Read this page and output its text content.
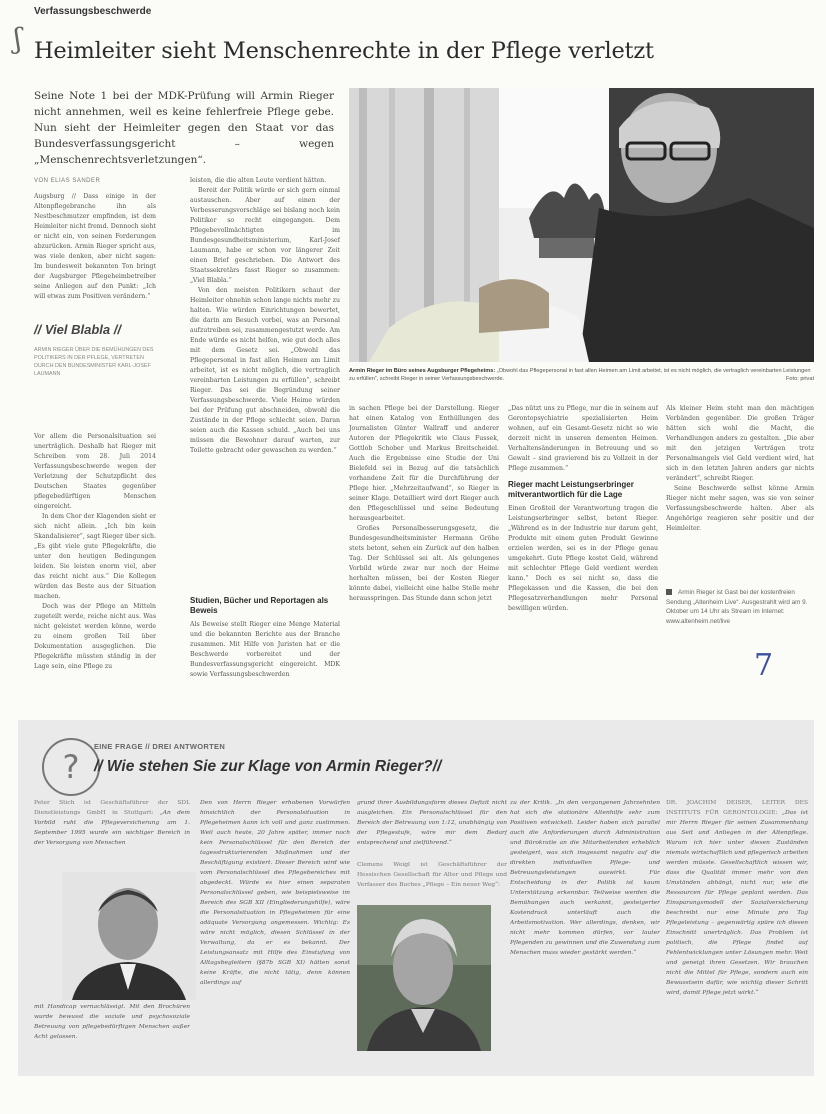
Verfassungsbeschwerde
ʃ Heimleiter sieht Menschenrechte in der Pflege verletzt
Seine Note 1 bei der MDK-Prüfung will Armin Rieger nicht annehmen, weil es keine fehlerfreie Pflege gebe. Nun sieht der Heimleiter gegen den Staat vor das Bundesverfassungsgericht – wegen „Menschenrechtsverletzungen“.
VON ELIAS SANDER

Augsburg // Dass einige in der Altenpflegebranche ihn als Nestbeschmutzer empfinden, ist dem Heimleiter nicht fremd. Dennoch sieht er nicht ein, von seinen Forderungen abzurücken. Armin Rieger spricht aus, was viele denken, aber nicht sagen: Im bundesweit bekannten Ton bringt der Augsburger Pflegeheimbetreiber seine Anliegen auf den Punkt: „Ich will etwas zum Positiven verändern.“

// Viel Blabla //
ARMIN RIEGER ÜBER DIE BEMÜHUNGEN DES POLITIKERS IN DER PFLEGE, VERTRETEN DURCH DEN BUNDESMINISTER KARL-JOSEF LAUMANN

Vor allem die Personalsituation sei unerträglich. Deshalb hat Rieger mit Schreiben vom 28. Juli 2014 Verfassungsbeschwerde wegen der Verletzung der Schutzpflicht des Deutschen Staates gegenüber pflegebedürftigen Menschen eingereicht.

In dem Chor der Klagenden sieht er sich nicht allein. „Ich bin kein Skandalisierer“, sagt Rieger über sich. „Es gibt viele gute Pflegekräfte, die unter den heutigen Bedingungen leiden. Sie leisten enorm viel, aber das reicht nicht aus.“ Die Kollegen würden das Beste aus der Situation machen.

Doch was der Pflege an Mitteln zugeteilt werde, reiche nicht aus. Was nicht geleistet werden könne, werde zu einem großen Teil über Dokumentation ausgeglichen. Die Pflegekräfte müssten ständig in der Lage sein, eine Pflege zu

leisten, die die alten Leute verdient hätten.

Bereit der Politik würde er sich gern einmal austauschen. Aber auf einen der Verbesserungsvorschläge sei bislang noch kein Politiker so recht eingegangen. Dem Pflegebevollmächtigten im Bundesgesundheitsministerium, Karl-Josef Laumann, habe er schon vor längerer Zeit einen Brief geschrieben. Die Antwort des Staatssekretärs fasst Rieger so zusammen: „Viel Blabla.“

Von den meisten Politikern schaut der Heimleiter ohnehin schon lange nichts mehr zu halten. Wie würden Einrichtungen bewertet, die darin am Besuch vorbei, was an Personal aufzutreiben sei, zusammengestutzt werde. Am Ende würde es nicht helfen, wie gut doch alles mit dem Gesetz sei. „Obwohl das Pflegepersonal in fast allen Heimen am Limit arbeitet, ist es nicht möglich, die vertraglich vereinbarten Leistungen zu erfüllen“, schreibt Rieger. Das sei die Begründung seiner Verfassungsbeschwerde. Viele Heime würden bei der Prüfung gut abschneiden, obwohl die Zustände in der Pflege schlecht seien. Daran seien auch die Kassen schuld. „Auch bei uns müssen die Bewohner darauf warten, zur Toilette gebracht oder gewaschen zu werden.“

Studien, Bücher und Reportagen als Beweis

Als Beweise stellt Rieger eine Menge Material und die bekannten Berichte aus der Branche zusammen. Mit Hilfe von Juristen hat er die Beschwerde vorbereitet und der Bundesverfassungsgericht eingereicht. MDK sowie Verfassungsbeschwerden

Armin Rieger im Büro seines Augsburger Pflegeheims: „Obwohl das Pflegepersonal in fast allen Heimen am Limit arbeitet, ist es nicht möglich, die vertraglich vereinbarten Leistungen zu erfüllen“, schreibt Rieger in seiner Verfassungsbeschwerde.	Foto: privat

in sachen Pflege bei der Darstellung. Rieger hat einen Katalog von Enthüllungen des Journalisten Günter Wallraff und anderer Autoren der Pflegekritik wie Claus Fussek, Gottlob Schober und Markus Breitscheidel. Auch die Ergebnisse eine Studie der Uni Bielefeld sei in Bezug auf die tatsächlich vorhandene Zeit für die Durchführung der Pflege hier. „Mehrzeitaufwand“, so Rieger in seiner Klage. Detailliert wird dort Rieger auch den Pflegeschlüssel und seine Bedeutung herausgearbeitet.

Großes Personalbesserungsgesetz, die Bundesgesundheitsminister Hermann Gröhe stets betont, sehen ein Zurück auf den halben Tag. Der Schlüssel sei alt. Als gelungenes Vorbild würde zwar nur noch der Heime herhalten müssen, bei der Kosten Rieger könnte dabei, vielleicht eine halbe Stelle mehr herausspringen. Das Stunde dann schon jetzt

„Das nützt uns zu Pflege, nur die in seinem auf Gerontopsychiatrie spezialisierten Heim wohnen, auf ein Gesamt-Gesetz nicht so wie derzeit nicht in unseren dementen Heimen. Verhaltensänderungen in Betreuung und so Gewalt – sind gravierend bis zu Vollzeit in der Pflege zusammen.“

Rieger macht Leistungserbringer mitverantwortlich für die Lage

Einen Großteil der Verantwortung tragen die Leistungserbringer selbst, betont Rieger. „Während es in der Industrie nur darum geht, Produkte mit einem guten Produkt Gewinne erzielen werden, sei es in der Pflege genau umgekehrt. Gute Pflege kostet Geld, während mit schlechter Pflege Geld verdient werden kann.“ Doch es sei nicht so, dass die Pflegekassen und die Kassen, die bei den Pflegesatzverhandlungen mehr Personal bewilligen würden.

Als kleiner Heim steht man den mächtigen Verbänden gegenüber. Die großen Träger hätten sich wohl die Macht, die Verhandlungen anders zu gestalten. „Die aber mit den jetzigen Verträgen trotz Personalmangels viel Geld verdient wird, hat sich in den letzten Jahren anders gar nichts verändert“, schreibt Rieger.

Seine Beschwerde selbst könne Armin Rieger nicht mehr sagen, was sie von seiner Verfassungsbeschwerde halten. Aber als Angehörige reagieren sehr positiv und der Heimleiter.

Armin Rieger ist Gast bei der kostenfreien Sendung „Altenheim Live“. Ausgestrahlt wird am 9. Oktober um 14 Uhr als Stream im Internet: www.altenheim.net/live
7
?
EINE FRAGE // DREI ANTWORTEN
// Wie stehen Sie zur Klage von Armin Rieger?//
Peter Stich ist Geschäftsführer der SDL Dienstleistungs GmbH in Stuttgart: „An dem Vorbild ruht die Pflegeversicherung am 1. September 1995 wurde ein wichtiger Bereich in der Versorgung von Menschen
mit Handicap vernachlässigt. Mit den Brochüren wurde bewusst die soziale und psychosoziale Betreuung von pflegebedürftigen Menschen außer Acht gelassen.
Den von Herrn Rieger erhobenen Vorwürfen hinsichtlich der Personalsituation in Pflegeheimen kann ich voll und ganz zustimmen. Weil auch heute, 20 Jahre später, immer noch kein Personalschlüssel für den Bereich der tagesstrukturierenden Maßnahmen und der Beschäftigung existiert. Dieser Bereich wird wie vom Personalschlüssel des Pflegebereiches mit abgedeckt. Würde es hier einen separaten Personalschlüssel geben, wie beispielsweise im Bereich des SGB XII (Eingliederungshilfe), wäre die Personalsituation in Pflegeheimen für eine adäquate Versorgung angemessen. Wichtig: Es wäre nicht möglich, diesen Schlüssel in der Verwaltung, da er es bekannt. Der Leistungsansatz mit Hilfe des Einstufung von Alltagsbegleitern (§87b SGB XI) hätten sonst keine Kräfte, die nicht tätig, denn können allerdings auf
grund ihrer Ausbildungsform dieses Defizit nicht ausgleichen. Ein Personalschlüssel für den Bereich der Betreuung von 1:12, unabhängig von der Pflegestufe, wäre mir dem Bedarf entsprechend und zielführend.“
Clemens Weigl ist Geschäftsführer der Hessischen Gesellschaft für Alter und Pflege und Verfasser des Buches „Pflege – Ein neuer Weg“:
zu der Kritik. „In den vergangenen Jahrzehnten hat sich die stationäre Altenhilfe sehr zum Positiven entwickelt. Leider haben sich parallel auch die Anforderungen durch Administration und Bürokratie an die Mitarbeitenden erheblich gesteigert, was sich insgesamt negativ auf die direkten individuellen Pflege- und Betreuungsleistungen auswirkt. Für Entscheidung in der Politik ist kaum Unterstützung erkennbar. Teilweise werden die Bemühungen auch verkannt, gesteigerter Kostendruck unterläuft auch die Arbeitsmotivation. Wer allerdings, denken, wir nicht mehr kommen dürfen, vor lauter Pflegenden zu gewinnen und die Zuwendung zum Menschen muss wieder gestärkt werden.“
DR. JOACHIM DEISER, LEITER DES INSTITUTS FÜR GERONTOLOGIE: „Das ist mir Herrn Rieger für seinen Zusammenhang aus Seit und Anliegen in der Altenpflege. Warum ich hier unter diesen Zuständen niemals wirtschaftlich und pflegerisch arbeiten werden müsste. Gesellschaftlich wissen wir, dass die Qualität immer mehr von den Umständen abhängt, nicht nur, wie die Ressourcen für Pflege geplant werden. Das Einsparungsmodell der Sozialversicherung beschreibt nur eine Minute pro Tag Pflegeleistung – gegenwärtig spüre ich diesen Einschnitt unerträglich. Das Problem ist politisch, die Pflege findet auf Fehlentwicklungen unter Lösungen mehr. Weit und geneigt ihren Gesetzen. Wir brauchen nicht die Mittel für Pflege, sondern auch ein Bewusstsein dafür, wie wichtig dieser Schritt wird, damit Pflege jetzt wirkt.“
